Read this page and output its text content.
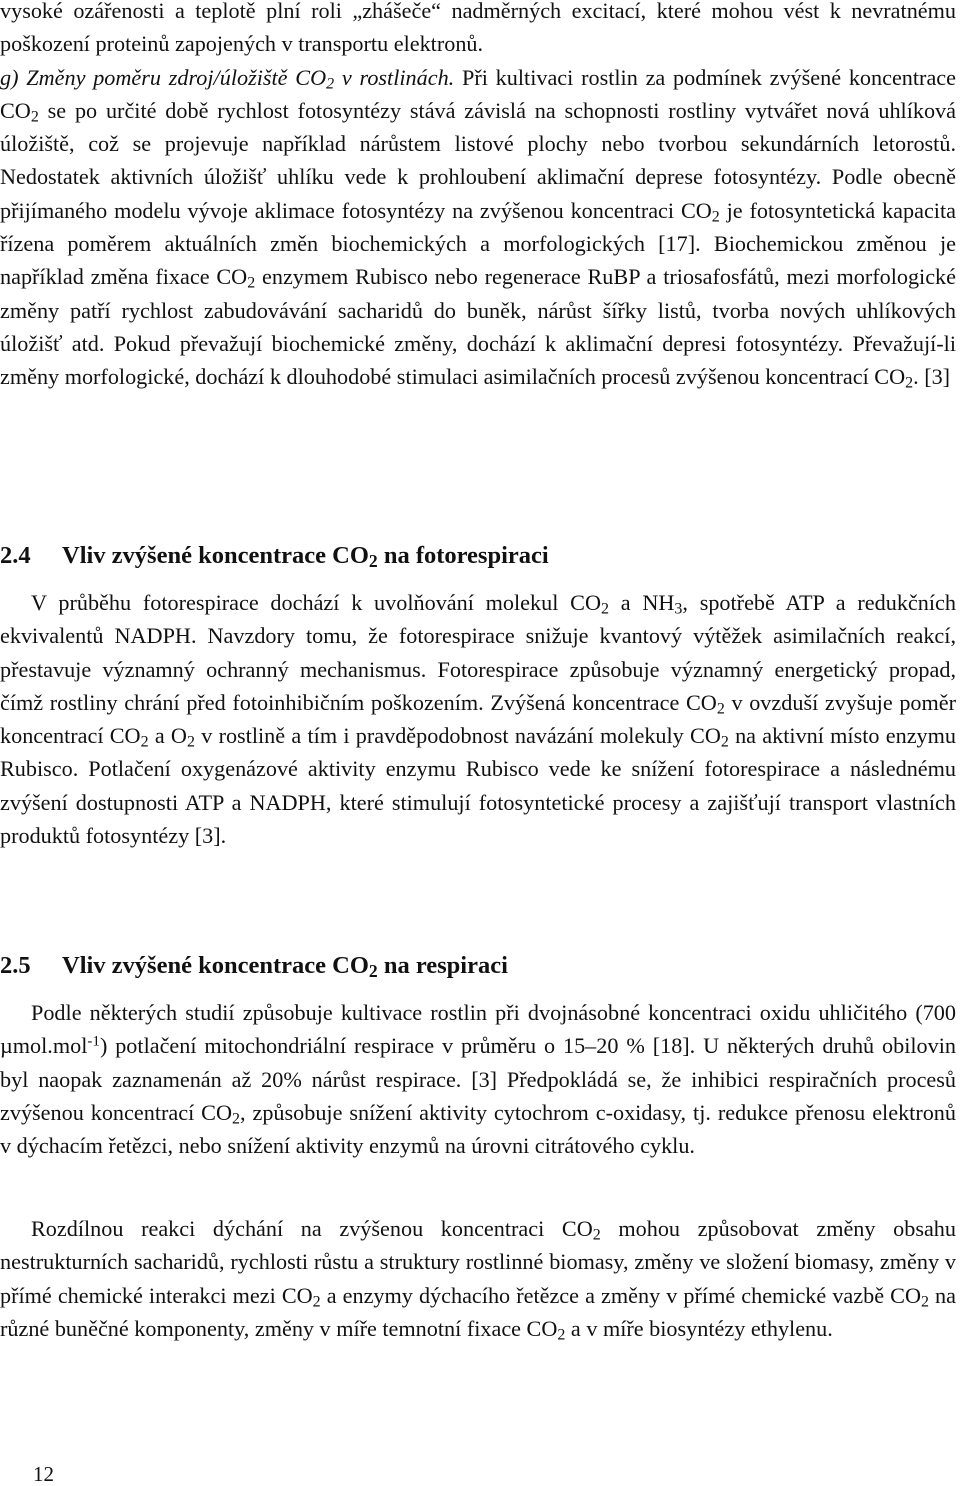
vysoké ozářenosti a teplotě plní roli „zhášeče“ nadměrných excitací, které mohou vést k nevratnému poškození proteinů zapojených v transportu elektronů.
g) Změny poměru zdroj/úložiště $CO_2$ v rostlinách. Při kultivaci rostlin za podmínek zvýšené koncentrace $CO_2$ se po určité době rychlost fotosyntézy stává závislá na schopnosti rostliny vytvářet nová uhlíková úložiště, což se projevuje například nárůstem listové plochy nebo tvorbou sekundárních letorostů. Nedostatek aktivních úložišť uhlíku vede k prohloubení aklimační deprese fotosyntézy. Podle obecně přijímaného modelu vývoje aklimace fotosyntézy na zvýšenou koncentraci $CO_2$ je fotosyntetická kapacita řízena poměrem aktuálních změn biochemických a morfologických [17]. Biochemickou změnou je například změna fixace $CO_2$ enzymem Rubisco nebo regenerace RuBP a triosafosfátů, mezi morfologické změny patří rychlost zabudovávání sacharidů do buněk, nárůst šířky listů, tvorba nových uhlíkových úložišť atd. Pokud převažují biochemické změny, dochází k aklimační depresi fotosyntézy. Převažují-li změny morfologické, dochází k dlouhodobé stimulaci asimilačních procesů zvýšenou koncentrací $CO_2$. [3]

2.4 Vliv zvýšené koncentrace $CO_2$ na fotorespiraci

V průběhu fotorespirace dochází k uvolňování molekul $CO_2$ a $NH_3$, spotřebě ATP a redukčních ekvivalentů NADPH. Navzdory tomu, že fotorespirace snižuje kvantový výtěžek asimilačních reakcí, přestavuje významný ochranný mechanismus. Fotorespirace způsobuje významný energetický propad, čímž rostliny chrání před fotoinhibičním poškozením. Zvýšená koncentrace $CO_2$ v ovzduší zvyšuje poměr koncentrací $CO_2$ a $O_2$ v rostlině a tím i pravděpodobnost navázání molekuly $CO_2$ na aktivní místo enzymu Rubisco. Potlačení oxygenázové aktivity enzymu Rubisco vede ke snížení fotorespirace a následnému zvýšení dostupnosti ATP a NADPH, které stimulují fotosyntetické procesy a zajišťují transport vlastních produktů fotosyntézy [3].

2.5 Vliv zvýšené koncentrace $CO_2$ na respiraci

Podle některých studií způsobuje kultivace rostlin při dvojnásobné koncentraci oxidu uhličitého (700 µmol.mol$^{-1}$) potlačení mitochondriální respirace v průměru o 15–20 % [18]. U některých druhů obilovin byl naopak zaznamenán až 20% nárůst respirace. [3] Předpokládá se, že inhibici respiračních procesů zvýšenou koncentrací $CO_2$, způsobuje snížení aktivity cytochrom c-oxidasy, tj. redukce přenosu elektronů v dýchacím řetězci, nebo snížení aktivity enzymů na úrovni citrátového cyklu.

Rozdílnou reakci dýchání na zvýšenou koncentraci $CO_2$ mohou způsobovat změny obsahu nestrukturních sacharidů, rychlosti růstu a struktury rostlinné biomasy, změny ve složení biomasy, změny v přímé chemické interakci mezi $CO_2$ a enzymy dýchacího řetězce a změny v přímé chemické vazbě $CO_2$ na různé buněčné komponenty, změny v míře temnotní fixace $CO_2$ a v míře biosyntézy ethylenu.

12
